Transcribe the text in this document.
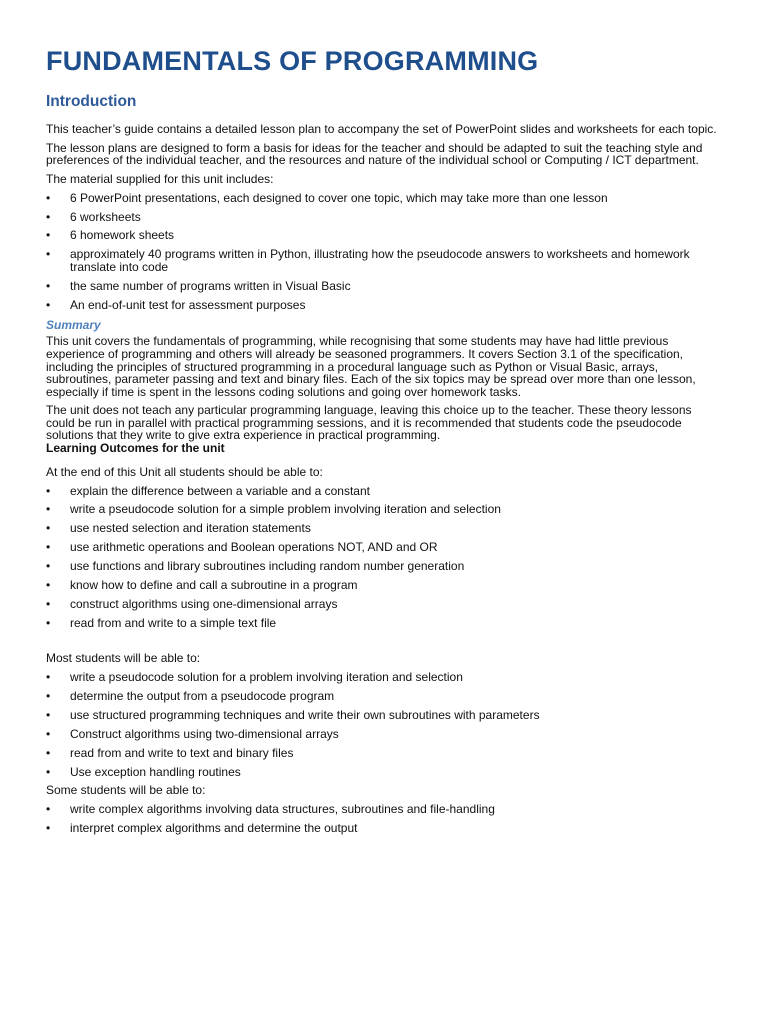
FUNDAMENTALS OF PROGRAMMING
Introduction

This teacher’s guide contains a detailed lesson plan to accompany the set of PowerPoint slides and worksheets for each topic.

The lesson plans are designed to form a basis for ideas for the teacher and should be adapted to suit the teaching style and preferences of the individual teacher, and the resources and nature of the individual school or Computing / ICT department.

The material supplied for this unit includes:

•	6 PowerPoint presentations, each designed to cover one topic, which may take more than one lesson
•	6 worksheets
•	6 homework sheets
•	approximately 40 programs written in Python, illustrating how the pseudocode answers to worksheets and homework translate into code
•	the same number of programs written in Visual Basic
•	An end-of-unit test for assessment purposes
Summary

This unit covers the fundamentals of programming, while recognising that some students may have had little previous experience of programming and others will already be seasoned programmers. It covers Section 3.1 of the specification, including the principles of structured programming in a procedural language such as Python or Visual Basic, arrays, subroutines, parameter passing and text and binary files. Each of the six topics may be spread over more than one lesson, especially if time is spent in the lessons coding solutions and going over homework tasks.

The unit does not teach any particular programming language, leaving this choice up to the teacher. These theory lessons could be run in parallel with practical programming sessions, and it is recommended that students code the pseudocode solutions that they write to give extra experience in practical programming.

Learning Outcomes for the unit

At the end of this Unit all students should be able to:

•	explain the difference between a variable and a constant
•	write a pseudocode solution for a simple problem involving iteration and selection
•	use nested selection and iteration statements
•	use arithmetic operations and Boolean operations NOT, AND and OR
•	use functions and library subroutines including random number generation
•	know how to define and call a subroutine in a program
•	construct algorithms using one-dimensional arrays
•	read from and write to a simple text file

Most students will be able to:

•	write a pseudocode solution for a problem involving iteration and selection
•	determine the output from a pseudocode program
•	use structured programming techniques and write their own subroutines with parameters
•	Construct algorithms using two-dimensional arrays
•	read from and write to text and binary files
•	Use exception handling routines

Some students will be able to:

•	write complex algorithms involving data structures, subroutines and file-handling
•	interpret complex algorithms and determine the output
